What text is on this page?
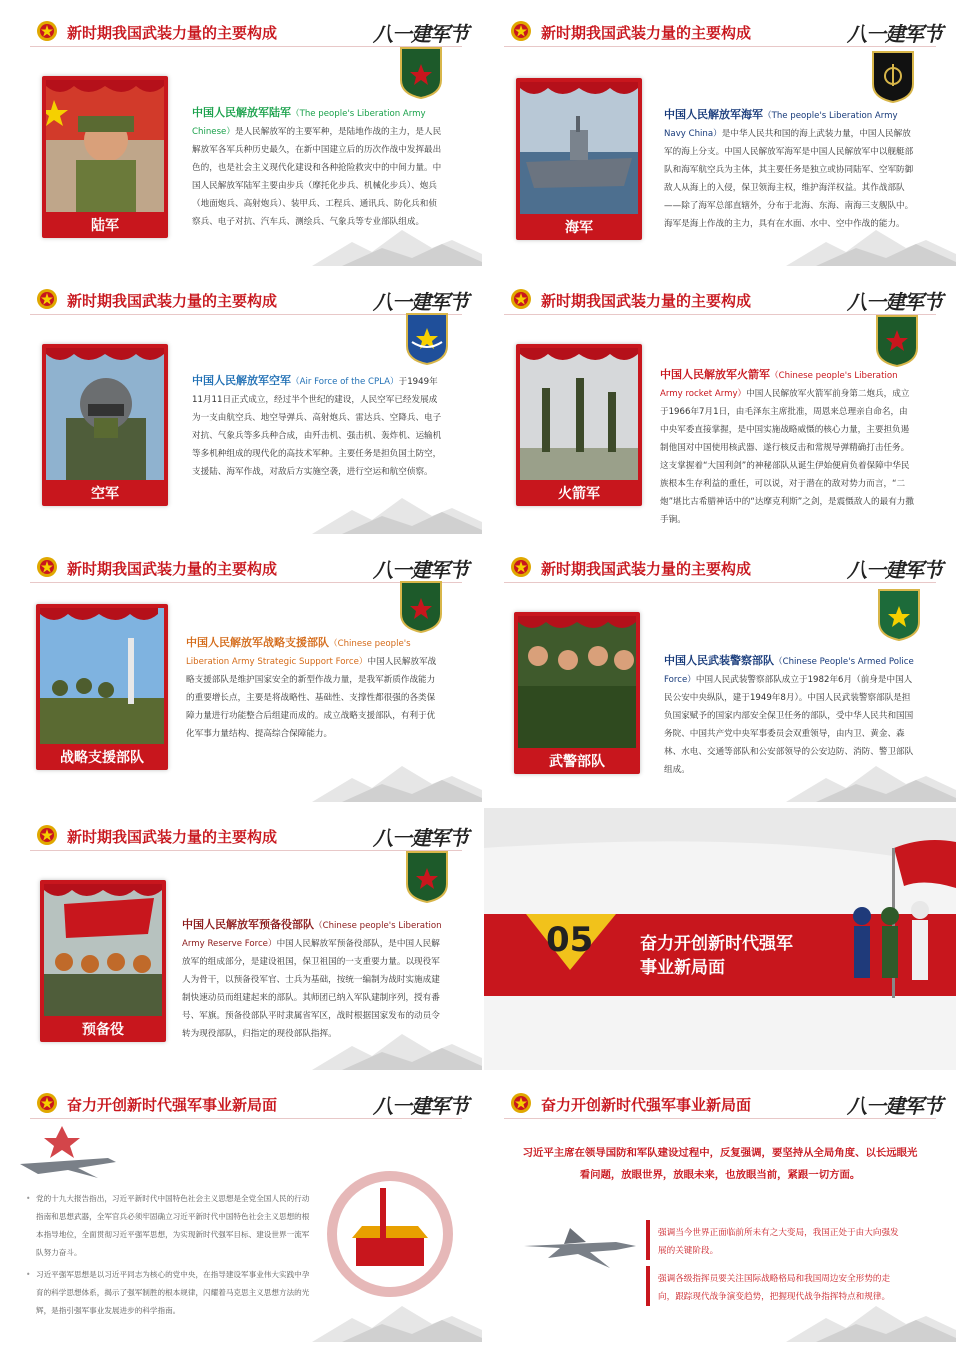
新时期我国武装力量的主要构成	八一建军节
陆军
中国人民解放军陆军（The people's Liberation Army Chinese）是人民解放军的主要军种，是陆地作战的主力，是人民解放军各军兵种历史最久，在新中国建立后的历次作战中发挥最出色的，也是社会主义现代化建设和各种抢险救灾中的中间力量。中国人民解放军陆军主要由步兵（摩托化步兵、机械化步兵）、炮兵（地面炮兵、高射炮兵）、装甲兵、工程兵、通讯兵、防化兵和侦察兵、电子对抗、汽车兵、测绘兵、气象兵等专业部队组成。
新时期我国武装力量的主要构成	八一建军节
海军
中国人民解放军海军（The people's Liberation Army Navy China）是中华人民共和国的海上武装力量，中国人民解放军的海上分支。中国人民解放军海军是中国人民解放军中以舰艇部队和海军航空兵为主体，其主要任务是独立或协同陆军、空军防御敌人从海上的入侵，保卫领海主权，维护海洋权益。其作战部队——除了海军总部直辖外，分布于北海、东海、南海三支舰队中。海军是海上作战的主力，具有在水面、水中、空中作战的能力。
新时期我国武装力量的主要构成	八一建军节
空军
中国人民解放军空军（Air Force of the CPLA）于1949年11月11日正式成立，经过半个世纪的建设，人民空军已经发展成为一支由航空兵、地空导弹兵、高射炮兵、雷达兵、空降兵、电子对抗、气象兵等多兵种合成，由歼击机、强击机、轰炸机、运输机等多机种组成的现代化的高技术军种。主要任务是担负国土防空，支援陆、海军作战，对敌后方实施空袭，进行空运和航空侦察。
新时期我国武装力量的主要构成	八一建军节
火箭军
中国人民解放军火箭军（Chinese people's Liberation Army rocket Army）中国人民解放军火箭军前身第二炮兵，成立于1966年7月1日，由毛泽东主席批准，周恩来总理亲自命名，由中央军委直接掌握，是中国实施战略威慑的核心力量，主要担负遏制他国对中国使用核武器、遂行核反击和常规导弹精确打击任务。这支掌握着“大国利剑”的神秘部队从诞生伊始便肩负着保障中华民族根本生存利益的重任，可以说，对于潜在的敌对势力而言，“二炮”堪比古希腊神话中的“达摩克利斯”之剑，是震慑敌人的最有力撒手锏。
新时期我国武装力量的主要构成	八一建军节
战略支援部队
中国人民解放军战略支援部队（Chinese people's Liberation Army Strategic Support Force）中国人民解放军战略支援部队是维护国家安全的新型作战力量，是我军新质作战能力的重要增长点，主要是将战略性、基础性、支撑性都很强的各类保障力量进行功能整合后组建而成的。成立战略支援部队，有利于优化军事力量结构、提高综合保障能力。
新时期我国武装力量的主要构成	八一建军节
武警部队
中国人民武装警察部队（Chinese People's Armed Police Force）中国人民武装警察部队成立于1982年6月（前身是中国人民公安中央纵队，建于1949年8月）。中国人民武装警察部队是担负国家赋予的国家内部安全保卫任务的部队，受中华人民共和国国务院、中国共产党中央军事委员会双重领导，由内卫、黄金、森林、水电、交通等部队和公安部领导的公安边防、消防、警卫部队组成。
新时期我国武装力量的主要构成	八一建军节
预备役
中国人民解放军预备役部队（Chinese people's Liberation Army Reserve Force）中国人民解放军预备役部队，是中国人民解放军的组成部分，是建设祖国，保卫祖国的一支重要力量。以现役军人为骨干，以预备役军官、士兵为基础，按统一编制为战时实施成建制快速动员而组建起来的部队。其师团已纳入军队建制序列，授有番号、军旗。预备役部队平时隶属省军区，战时根据国家发布的动员令转为现役部队，归指定的现役部队指挥。
05	奋力开创新时代强军
事业新局面
奋力开创新时代强军事业新局面	八一建军节
• 党的十九大报告指出，习近平新时代中国特色社会主义思想是全党全国人民的行动指南和思想武器，全军官兵必须牢固确立习近平新时代中国特色社会主义思想的根本指导地位，全面贯彻习近平强军思想，为实现新时代强军目标、建设世界一流军队努力奋斗。
• 习近平强军思想是以习近平同志为核心的党中央，在指导建设军事业伟大实践中孕育的科学思想体系，揭示了强军制胜的根本规律，闪耀着马克思主义思想方法的光辉，是指引强军事业发展进步的科学指南。
奋力开创新时代强军事业新局面	八一建军节
习近平主席在领导国防和军队建设过程中，反复强调，要坚持从全局角度、以长远眼光看问题，放眼世界，放眼未来，也放眼当前，紧跟一切方面。
强调当今世界正面临前所未有之大变局，我国正处于由大向强发展的关键阶段。
强调各级指挥员要关注国际战略格局和我国周边安全形势的走向，跟踪现代战争演变趋势，把握现代战争指挥特点和规律。
